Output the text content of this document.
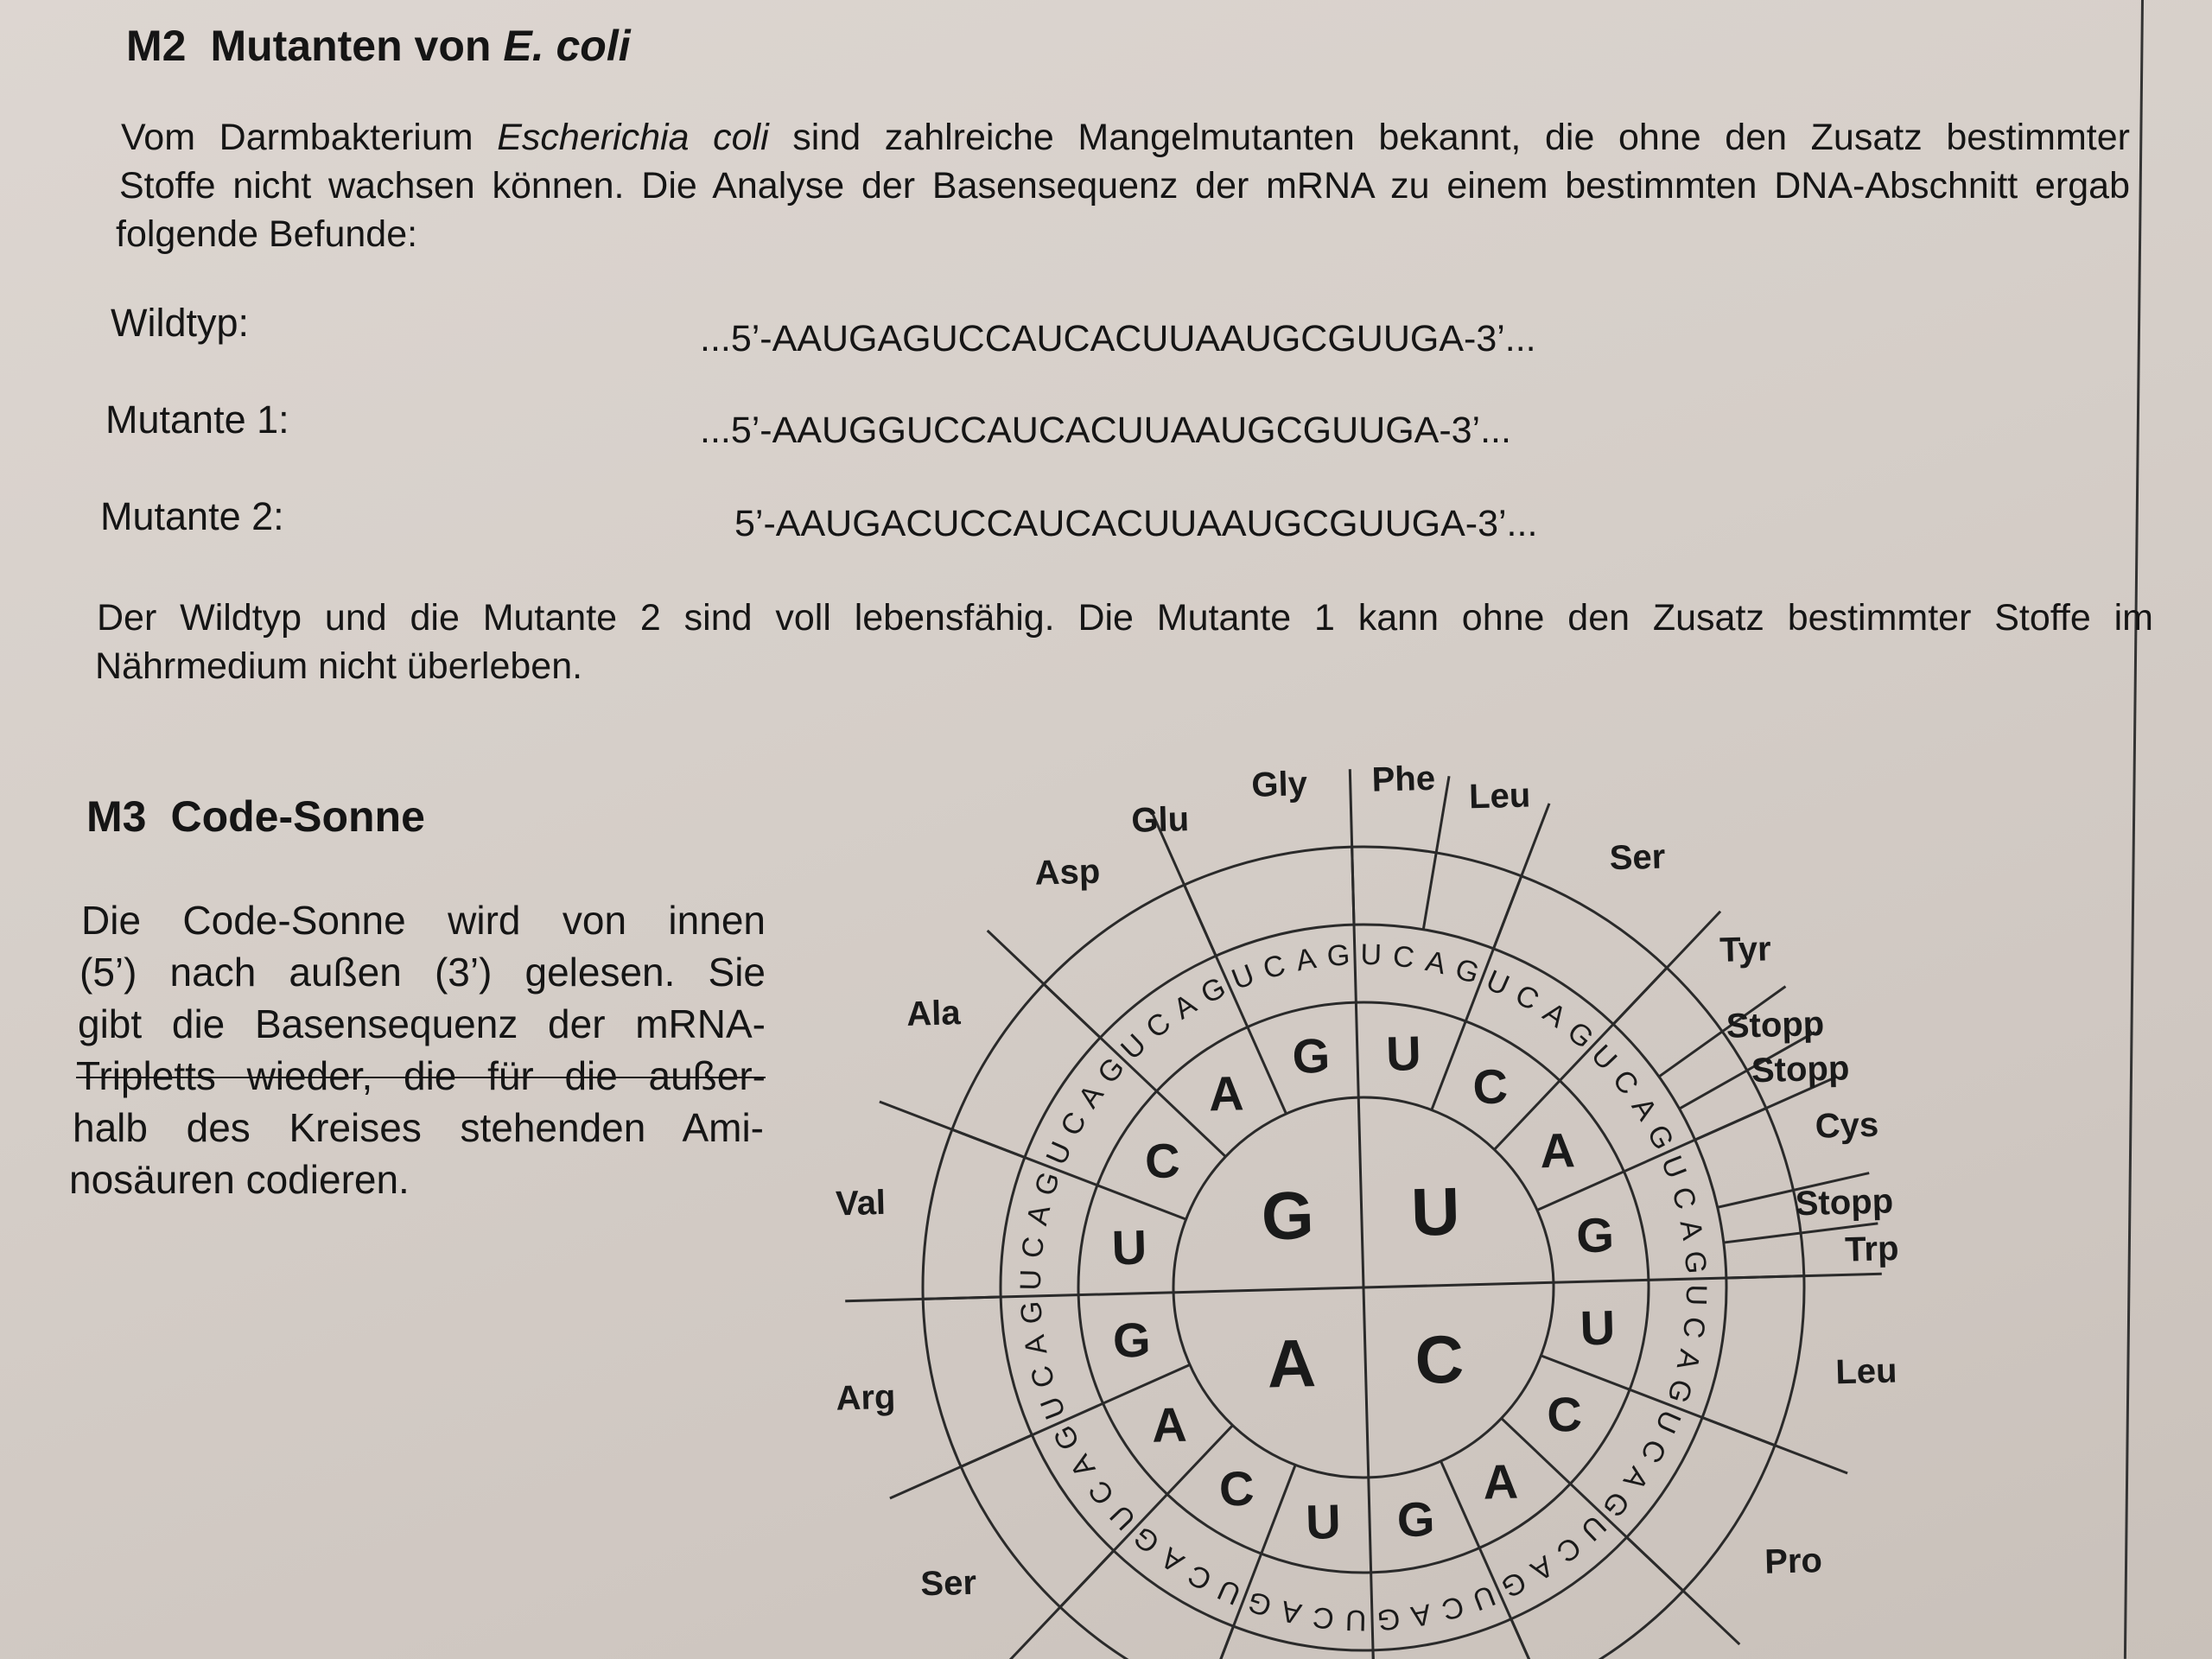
M2 Mutanten von E. coli
Vom Darmbakterium Escherichia coli sind zahlreiche Mangelmutanten bekannt, die ohne den Zusatz bestimmter
Stoffe nicht wachsen können. Die Analyse der Basensequenz der mRNA zu einem bestimmten DNA-Abschnitt ergab
folgende Befunde:
Wildtyp:	...5’-AAUGAGUCCAUCACUUAAUGCGUUGA-3’...
Mutante 1:	...5’-AAUGGUCCAUCACUUAAUGCGUUGA-3’...
Mutante 2:	5’-AAUGACUCCAUCACUUAAUGCGUUGA-3’...
Der Wildtyp und die Mutante 2 sind voll lebensfähig. Die Mutante 1 kann ohne den Zusatz bestimmter Stoffe im
Nährmedium nicht überleben.
M3 Code-Sonne
Die Code-Sonne wird von innen
(5’) nach außen (3’) gelesen. Sie
gibt die Basensequenz der mRNA-
Tripletts wieder, die für die außer-
halb des Kreises stehenden Ami-
nosäuren codieren.	G U
C
A
U
U
C
A
G C
U
C
A
G A
U
C
A
G
G
U C A G
U
U C A G
C
U
C
A
G
A
U
C
A
G
G
U
C
A
G
U
U
C
A
G
C U
C
A
G
A
U
C
A
G
G
U
C
A
G
U
U
C
A
G
C
U
C
A
G
A
U
C
A
G
G
U
C
A
G
Gly Phe Leu
Ser
Tyr
Stopp
Stopp
Cys
Stopp
Trp
Leu
Pro
Ser
Arg
Val
Ala
Asp
Glu
